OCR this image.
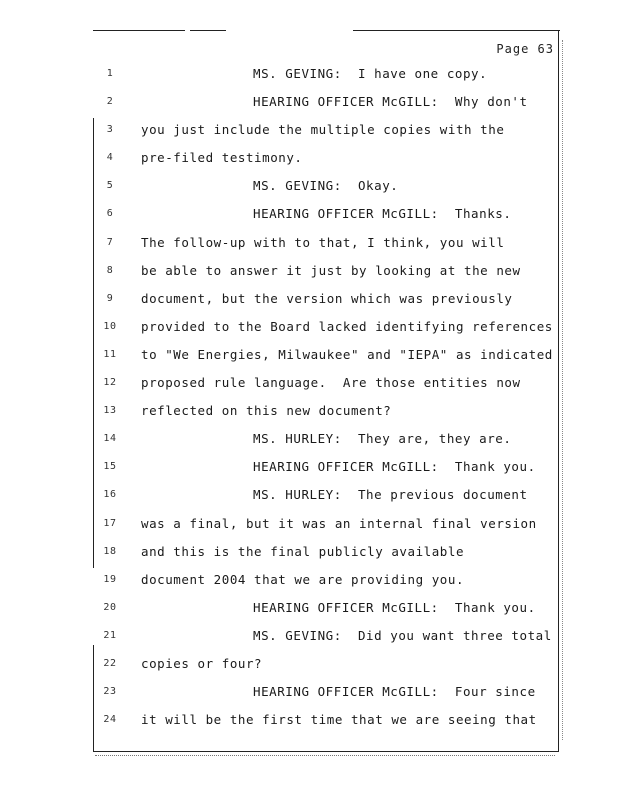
Page 63
1	MS. GEVING:  I have one copy.
2	HEARING OFFICER McGILL:  Why don't
3	you just include the multiple copies with the
4	pre-filed testimony.
5	MS. GEVING:  Okay.
6	HEARING OFFICER McGILL:  Thanks.
7	The follow-up with to that, I think, you will
8	be able to answer it just by looking at the new
9	document, but the version which was previously
10	provided to the Board lacked identifying references
11	to "We Energies, Milwaukee" and "IEPA" as indicated
12	proposed rule language.  Are those entities now
13	reflected on this new document?
14	MS. HURLEY:  They are, they are.
15	HEARING OFFICER McGILL:  Thank you.
16	MS. HURLEY:  The previous document
17	was a final, but it was an internal final version
18	and this is the final publicly available
19	document 2004 that we are providing you.
20	HEARING OFFICER McGILL:  Thank you.
21	MS. GEVING:  Did you want three total
22	copies or four?
23	HEARING OFFICER McGILL:  Four since
24	it will be the first time that we are seeing that
